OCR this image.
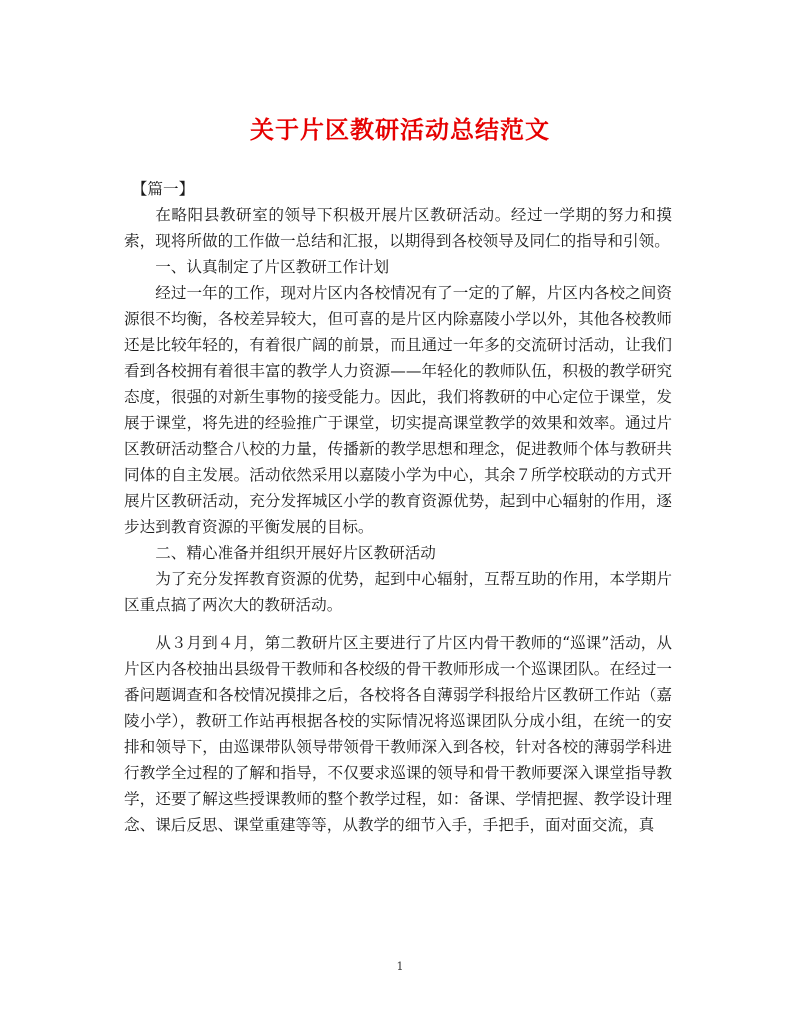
关于片区教研活动总结范文

【篇一】

在略阳县教研室的领导下积极开展片区教研活动。经过一学期的努力和摸索，现将所做的工作做一总结和汇报，以期得到各校领导及同仁的指导和引领。

一、认真制定了片区教研工作计划

经过一年的工作，现对片区内各校情况有了一定的了解，片区内各校之间资源很不均衡，各校差异较大，但可喜的是片区内除嘉陵小学以外，其他各校教师还是比较年轻的，有着很广阔的前景，而且通过一年多的交流研讨活动，让我们看到各校拥有着很丰富的教学人力资源——年轻化的教师队伍，积极的教学研究态度，很强的对新生事物的接受能力。因此，我们将教研的中心定位于课堂，发展于课堂，将先进的经验推广于课堂，切实提高课堂教学的效果和效率。通过片区教研活动整合八校的力量，传播新的教学思想和理念，促进教师个体与教研共同体的自主发展。活动依然采用以嘉陵小学为中心，其余７所学校联动的方式开展片区教研活动，充分发挥城区小学的教育资源优势，起到中心辐射的作用，逐步达到教育资源的平衡发展的目标。

二、精心准备并组织开展好片区教研活动

为了充分发挥教育资源的优势，起到中心辐射，互帮互助的作用，本学期片区重点搞了两次大的教研活动。

从３月到４月，第二教研片区主要进行了片区内骨干教师的“巡课”活动，从片区内各校抽出县级骨干教师和各校级的骨干教师形成一个巡课团队。在经过一番问题调查和各校情况摸排之后，各校将各自薄弱学科报给片区教研工作站（嘉陵小学），教研工作站再根据各校的实际情况将巡课团队分成小组，在统一的安排和领导下，由巡课带队领导带领骨干教师深入到各校，针对各校的薄弱学科进行教学全过程的了解和指导，不仅要求巡课的领导和骨干教师要深入课堂指导教学，还要了解这些授课教师的整个教学过程，如：备课、学情把握、教学设计理念、课后反思、课堂重建等等，从教学的细节入手，手把手，面对面交流，真

1
